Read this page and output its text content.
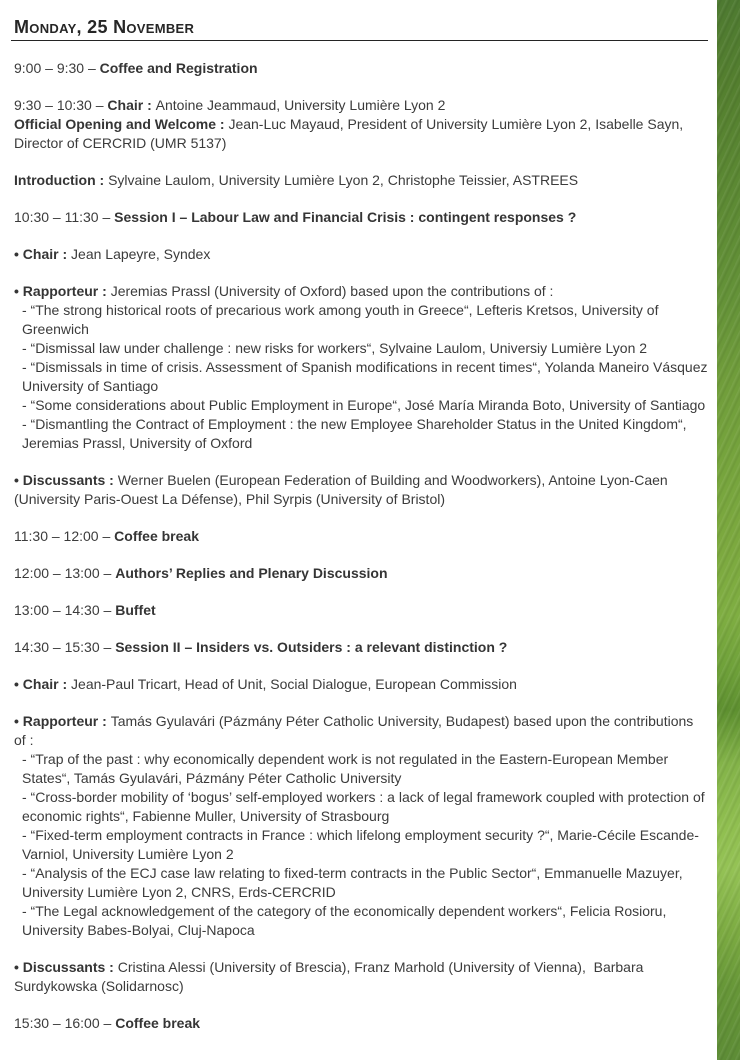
Monday, 25 November

9:00 – 9:30 – Coffee and Registration

9:30 – 10:30 – Chair : Antoine Jeammaud, University Lumière Lyon 2

Official Opening and Welcome : Jean-Luc Mayaud, President of University Lumière Lyon 2, Isabelle Sayn, Director of CERCRID (UMR 5137)

Introduction : Sylvaine Laulom, University Lumière Lyon 2, Christophe Teissier, ASTREES

10:30 – 11:30 – Session I – Labour Law and Financial Crisis : contingent responses ?

• Chair : Jean Lapeyre, Syndex

• Rapporteur : Jeremias Prassl (University of Oxford) based upon the contributions of :

- “The strong historical roots of precarious work among youth in Greece“, Lefteris Kretsos, University of Greenwich

- “Dismissal law under challenge : new risks for workers“, Sylvaine Laulom, Universiy Lumière Lyon 2

- “Dismissals in time of crisis. Assessment of Spanish modifications in recent times“, Yolanda Maneiro Vásquez University of Santiago

- “Some considerations about Public Employment in Europe“, José María Miranda Boto, University of Santiago

- “Dismantling the Contract of Employment : the new Employee Shareholder Status in the United Kingdom“, Jeremias Prassl, University of Oxford

• Discussants : Werner Buelen (European Federation of Building and Woodworkers), Antoine Lyon-Caen (University Paris-Ouest La Défense), Phil Syrpis (University of Bristol)

11:30 – 12:00 – Coffee break

12:00 – 13:00 – Authors’ Replies and Plenary Discussion

13:00 – 14:30 – Buffet

14:30 – 15:30 – Session II – Insiders vs. Outsiders : a relevant distinction ?

• Chair : Jean-Paul Tricart, Head of Unit, Social Dialogue, European Commission

• Rapporteur : Tamás Gyulavári (Pázmány Péter Catholic University, Budapest) based upon the contributions of :

- “Trap of the past : why economically dependent work is not regulated in the Eastern-European Member States“, Tamás Gyulavári, Pázmány Péter Catholic University

- “Cross-border mobility of ‘bogus’ self-employed workers : a lack of legal framework coupled with protection of economic rights“, Fabienne Muller, University of Strasbourg

- “Fixed-term employment contracts in France : which lifelong employment security ?“, Marie-Cécile Escande-Varniol, University Lumière Lyon 2

- “Analysis of the ECJ case law relating to fixed-term contracts in the Public Sector“, Emmanuelle Mazuyer, University Lumière Lyon 2, CNRS, Erds-CERCRID

- “The Legal acknowledgement of the category of the economically dependent workers“, Felicia Rosioru, University Babes-Bolyai, Cluj-Napoca

• Discussants : Cristina Alessi (University of Brescia), Franz Marhold (University of Vienna),  Barbara Surdykowska (Solidarnosc)

15:30 – 16:00 – Coffee break
